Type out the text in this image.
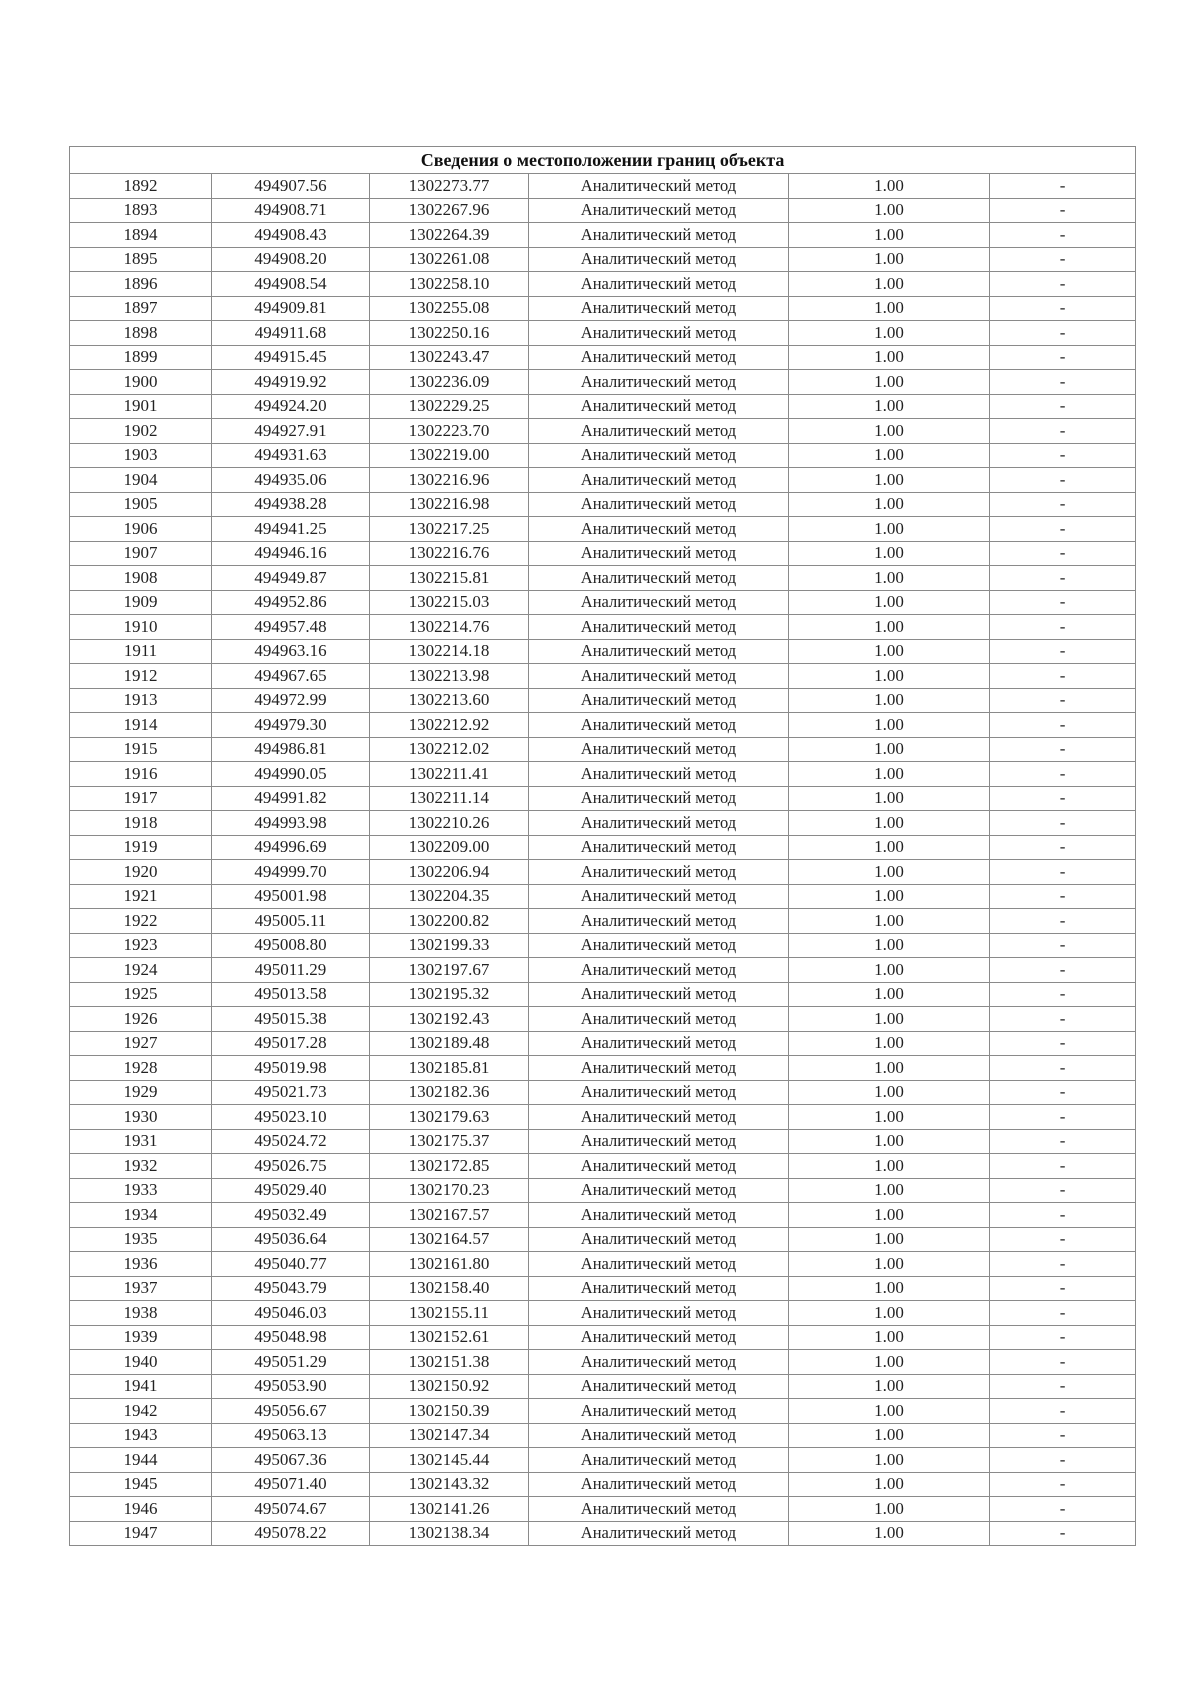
Сведения о местоположении границ объекта					
1892	494907.56	1302273.77	Аналитический метод	1.00	-
1893	494908.71	1302267.96	Аналитический метод	1.00	-
1894	494908.43	1302264.39	Аналитический метод	1.00	-
1895	494908.20	1302261.08	Аналитический метод	1.00	-
1896	494908.54	1302258.10	Аналитический метод	1.00	-
1897	494909.81	1302255.08	Аналитический метод	1.00	-
1898	494911.68	1302250.16	Аналитический метод	1.00	-
1899	494915.45	1302243.47	Аналитический метод	1.00	-
1900	494919.92	1302236.09	Аналитический метод	1.00	-
1901	494924.20	1302229.25	Аналитический метод	1.00	-
1902	494927.91	1302223.70	Аналитический метод	1.00	-
1903	494931.63	1302219.00	Аналитический метод	1.00	-
1904	494935.06	1302216.96	Аналитический метод	1.00	-
1905	494938.28	1302216.98	Аналитический метод	1.00	-
1906	494941.25	1302217.25	Аналитический метод	1.00	-
1907	494946.16	1302216.76	Аналитический метод	1.00	-
1908	494949.87	1302215.81	Аналитический метод	1.00	-
1909	494952.86	1302215.03	Аналитический метод	1.00	-
1910	494957.48	1302214.76	Аналитический метод	1.00	-
1911	494963.16	1302214.18	Аналитический метод	1.00	-
1912	494967.65	1302213.98	Аналитический метод	1.00	-
1913	494972.99	1302213.60	Аналитический метод	1.00	-
1914	494979.30	1302212.92	Аналитический метод	1.00	-
1915	494986.81	1302212.02	Аналитический метод	1.00	-
1916	494990.05	1302211.41	Аналитический метод	1.00	-
1917	494991.82	1302211.14	Аналитический метод	1.00	-
1918	494993.98	1302210.26	Аналитический метод	1.00	-
1919	494996.69	1302209.00	Аналитический метод	1.00	-
1920	494999.70	1302206.94	Аналитический метод	1.00	-
1921	495001.98	1302204.35	Аналитический метод	1.00	-
1922	495005.11	1302200.82	Аналитический метод	1.00	-
1923	495008.80	1302199.33	Аналитический метод	1.00	-
1924	495011.29	1302197.67	Аналитический метод	1.00	-
1925	495013.58	1302195.32	Аналитический метод	1.00	-
1926	495015.38	1302192.43	Аналитический метод	1.00	-
1927	495017.28	1302189.48	Аналитический метод	1.00	-
1928	495019.98	1302185.81	Аналитический метод	1.00	-
1929	495021.73	1302182.36	Аналитический метод	1.00	-
1930	495023.10	1302179.63	Аналитический метод	1.00	-
1931	495024.72	1302175.37	Аналитический метод	1.00	-
1932	495026.75	1302172.85	Аналитический метод	1.00	-
1933	495029.40	1302170.23	Аналитический метод	1.00	-
1934	495032.49	1302167.57	Аналитический метод	1.00	-
1935	495036.64	1302164.57	Аналитический метод	1.00	-
1936	495040.77	1302161.80	Аналитический метод	1.00	-
1937	495043.79	1302158.40	Аналитический метод	1.00	-
1938	495046.03	1302155.11	Аналитический метод	1.00	-
1939	495048.98	1302152.61	Аналитический метод	1.00	-
1940	495051.29	1302151.38	Аналитический метод	1.00	-
1941	495053.90	1302150.92	Аналитический метод	1.00	-
1942	495056.67	1302150.39	Аналитический метод	1.00	-
1943	495063.13	1302147.34	Аналитический метод	1.00	-
1944	495067.36	1302145.44	Аналитический метод	1.00	-
1945	495071.40	1302143.32	Аналитический метод	1.00	-
1946	495074.67	1302141.26	Аналитический метод	1.00	-
1947	495078.22	1302138.34	Аналитический метод	1.00	-
